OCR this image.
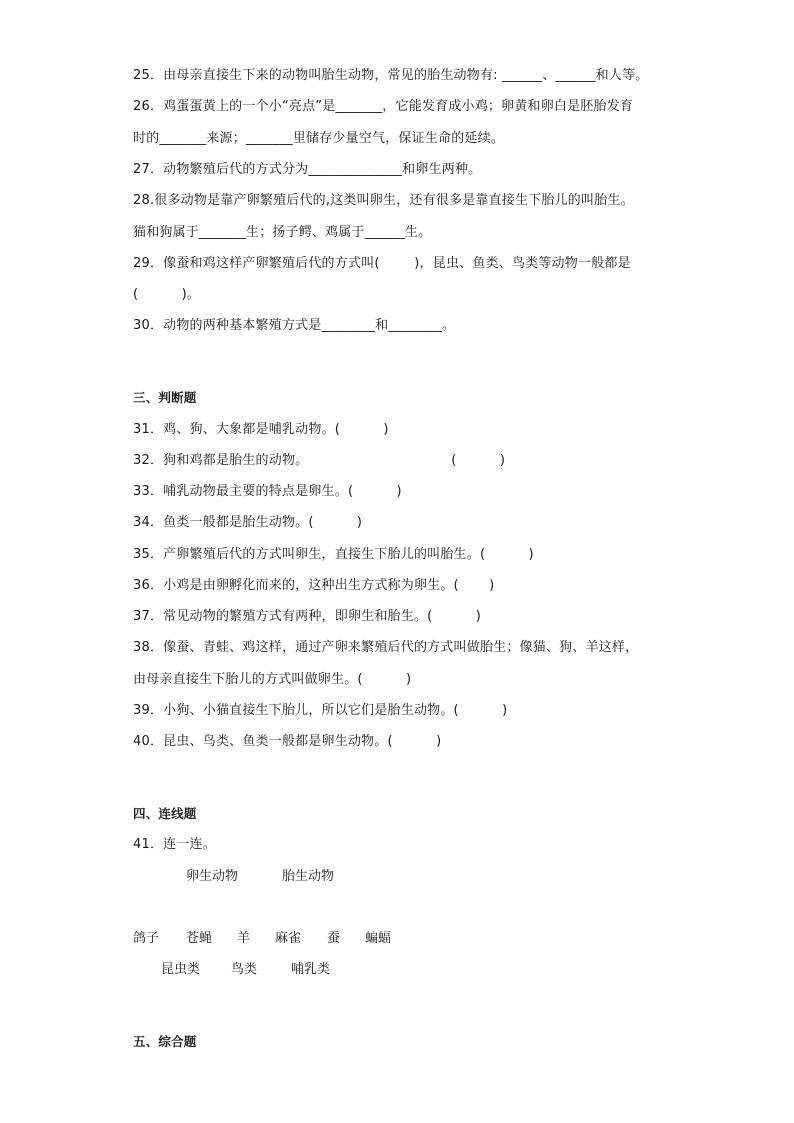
25．由母亲直接生下来的动物叫胎生动物，常见的胎生动物有: ______、______和人等。
26．鸡蛋蛋黄上的一个小“亮点”是_______，它能发育成小鸡；卵黄和卵白是胚胎发育
时的_______来源；_______里储存少量空气，保证生命的延续。
27．动物繁殖后代的方式分为______________和卵生两种。
28.很多动物是靠产卵繁殖后代的,这类叫卵生，还有很多是靠直接生下胎儿的叫胎生。
猫和狗属于_______生；扬子鳄、鸡属于______生。
29．像蚕和鸡这样产卵繁殖后代的方式叫(        )，昆虫、鱼类、鸟类等动物一般都是
(          )。
30．动物的两种基本繁殖方式是________和________。
三、判断题
31．鸡、狗、大象都是哺乳动物。(          )
32．狗和鸡都是胎生的动物。                                 (          )
33．哺乳动物最主要的特点是卵生。(          )
34．鱼类一般都是胎生动物。(          )
35．产卵繁殖后代的方式叫卵生，直接生下胎儿的叫胎生。(          )
36．小鸡是由卵孵化而来的，这种出生方式称为卵生。(       )
37．常见动物的繁殖方式有两种，即卵生和胎生。(          )
38．像蚕、青蛙、鸡这样，通过产卵来繁殖后代的方式叫做胎生；像猫、狗、羊这样，
由母亲直接生下胎儿的方式叫做卵生。(          )
39．小狗、小猫直接生下胎儿，所以它们是胎生动物。(          )
40．昆虫、鸟类、鱼类一般都是卵生动物。(          )
四、连线题
41．连一连。
卵生动物	胎生动物
鸽子 苍蝇 羊 麻雀 蚕 蝙蝠
昆虫类 鸟类	哺乳类
五、综合题
